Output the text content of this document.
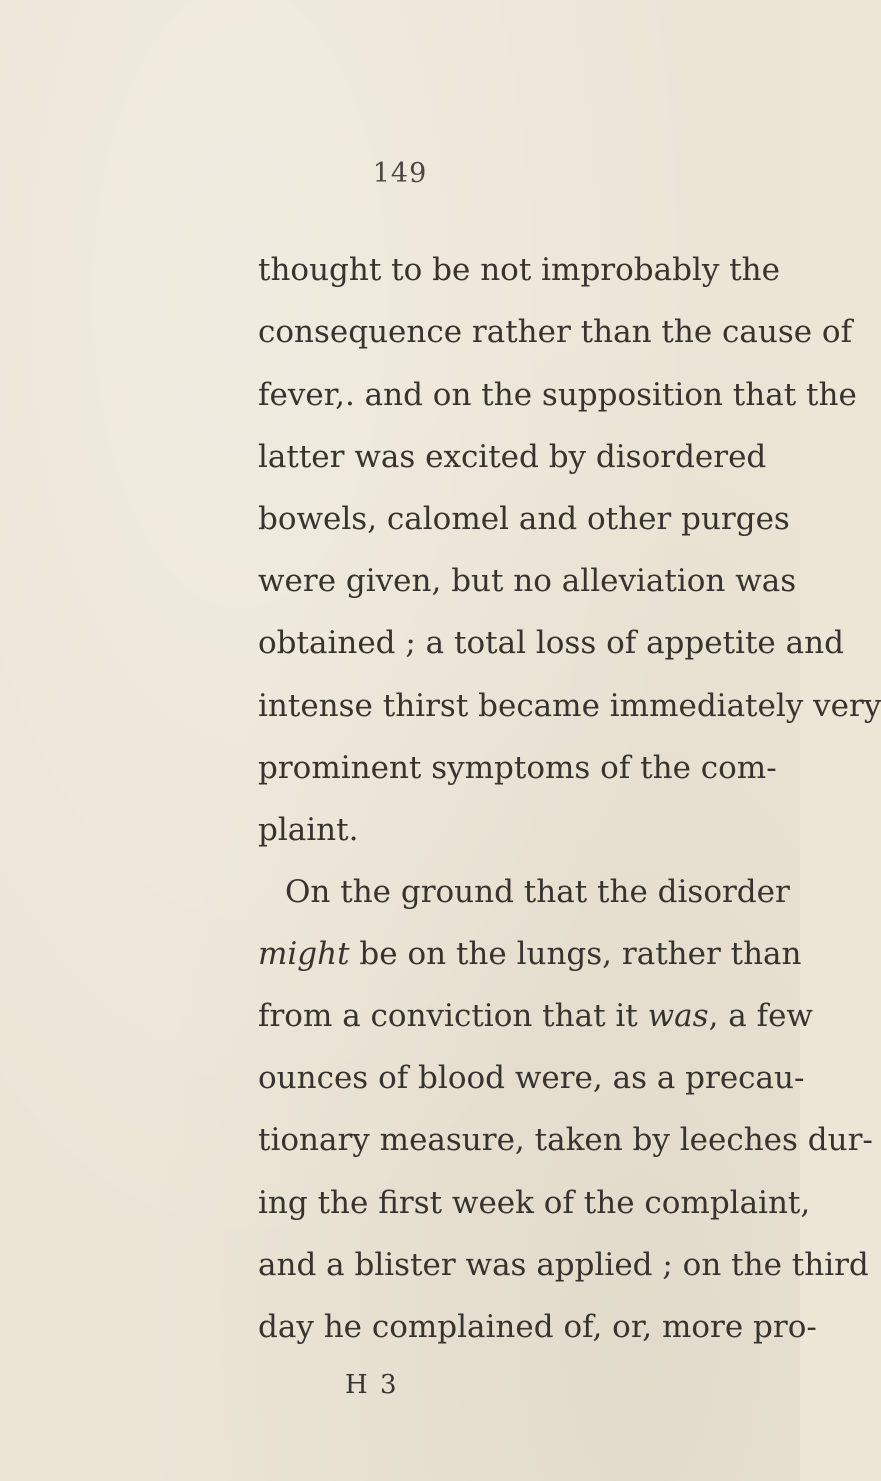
149
thought to be not improbably the
consequence rather than the cause of
fever,. and on the supposition that the
latter was excited by disordered
bowels, calomel and other purges
were given, but no alleviation was
obtained ; a total loss of appetite and
intense thirst became immediately very
prominent symptoms of the com-
plaint.
On the ground that the disorder
might be on the lungs, rather than
from a conviction that it was, a few
ounces of blood were, as a precau-
tionary measure, taken by leeches dur-
ing the first week of the complaint,
and a blister was applied ; on the third
day he complained of, or, more pro-
H 3
